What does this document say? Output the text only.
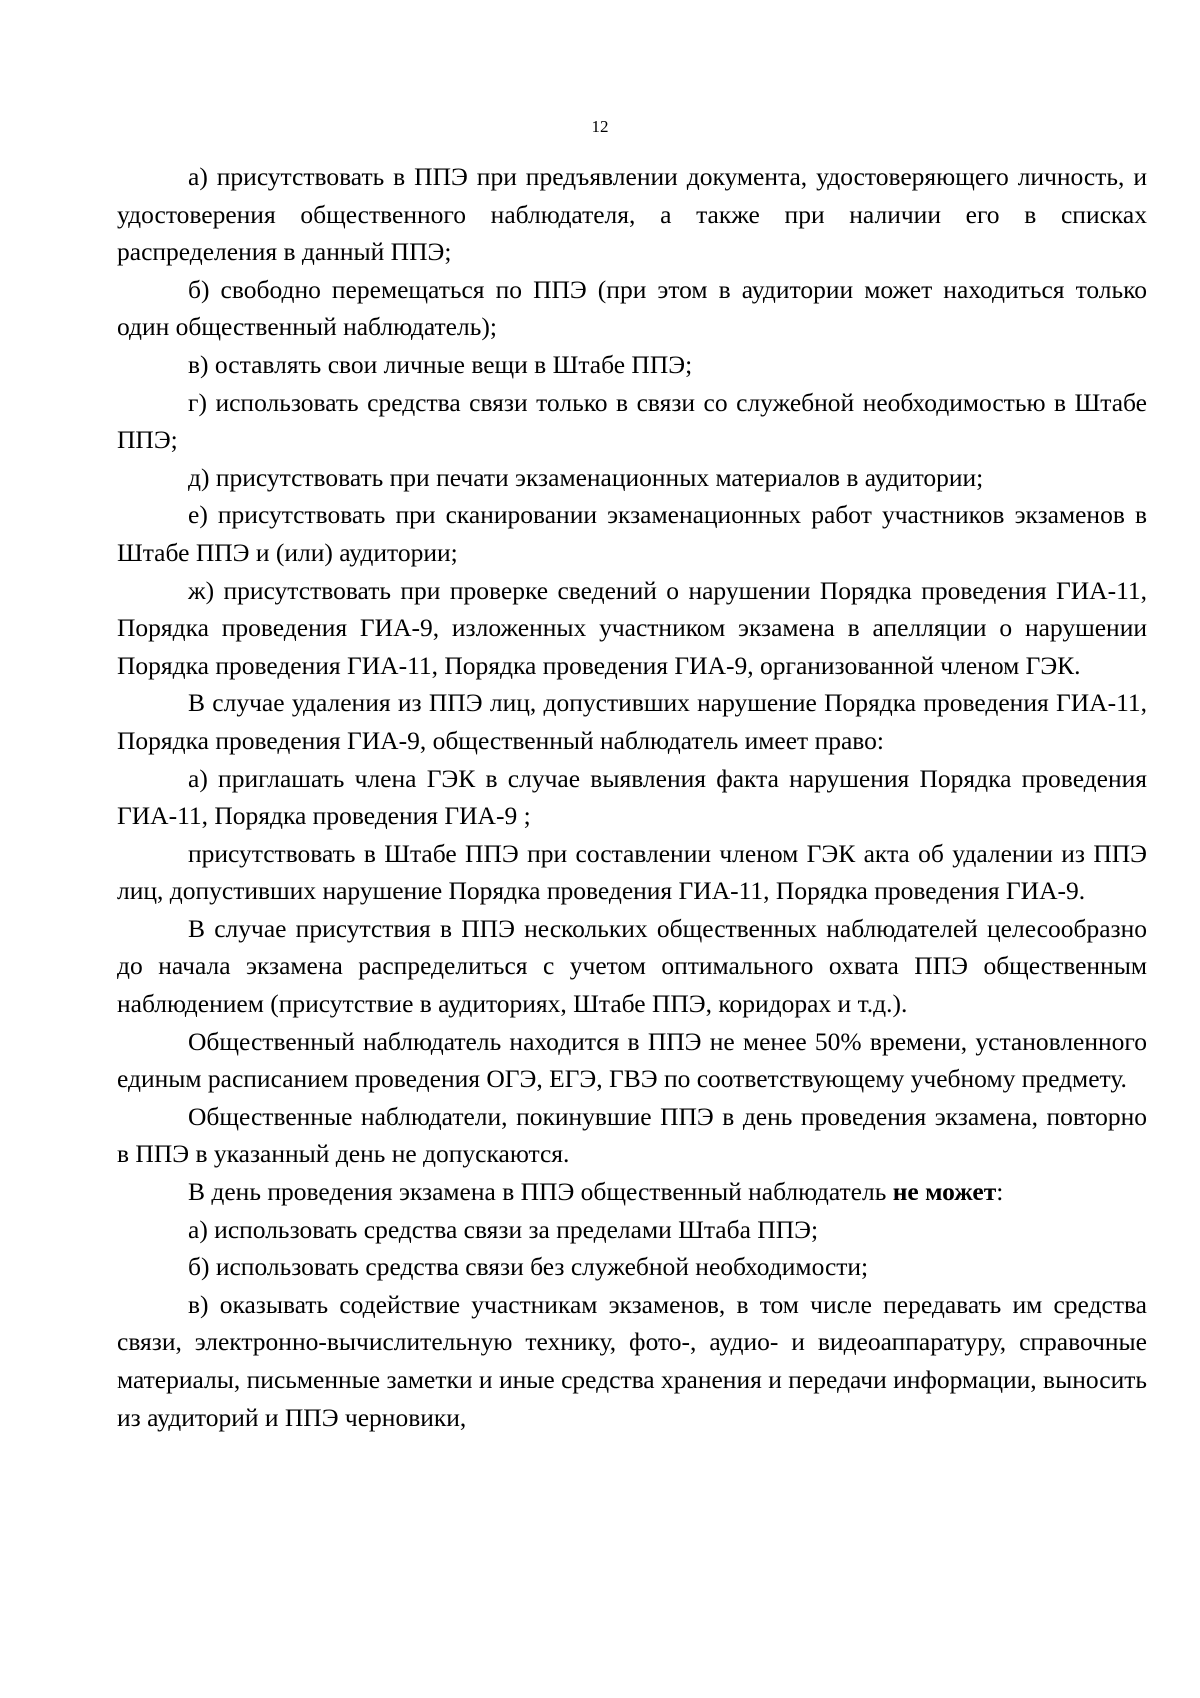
12

а) присутствовать в ППЭ при предъявлении документа, удостоверяющего личность, и удостоверения общественного наблюдателя, а также при наличии его в списках распределения в данный ППЭ;

б) свободно перемещаться по ППЭ (при этом в аудитории может находиться только один общественный наблюдатель);

в) оставлять свои личные вещи в Штабе ППЭ;

г) использовать средства связи только в связи со служебной необходимостью в Штабе ППЭ;

д) присутствовать при печати экзаменационных материалов в аудитории;

е) присутствовать при сканировании экзаменационных работ участников экзаменов в Штабе ППЭ и (или) аудитории;

ж) присутствовать при проверке сведений о нарушении Порядка проведения ГИА-11, Порядка проведения ГИА-9, изложенных участником экзамена в апелляции о нарушении Порядка проведения ГИА-11, Порядка проведения ГИА-9, организованной членом ГЭК.

В случае удаления из ППЭ лиц, допустивших нарушение Порядка проведения ГИА-11, Порядка проведения ГИА-9, общественный наблюдатель имеет право:

а) приглашать члена ГЭК в случае выявления факта нарушения Порядка проведения ГИА-11, Порядка проведения ГИА-9 ;

присутствовать в Штабе ППЭ при составлении членом ГЭК акта об удалении из ППЭ лиц, допустивших нарушение Порядка проведения ГИА-11, Порядка проведения ГИА-9.

В случае присутствия в ППЭ нескольких общественных наблюдателей целесообразно до начала экзамена распределиться с учетом оптимального охвата ППЭ общественным наблюдением (присутствие в аудиториях, Штабе ППЭ, коридорах и т.д.).

Общественный наблюдатель находится в ППЭ не менее 50% времени, установленного единым расписанием проведения ОГЭ, ЕГЭ, ГВЭ по соответствующему учебному предмету.

Общественные наблюдатели, покинувшие ППЭ в день проведения экзамена, повторно в ППЭ в указанный день не допускаются.

В день проведения экзамена в ППЭ общественный наблюдатель не может:

а) использовать средства связи за пределами Штаба ППЭ;

б) использовать средства связи без служебной необходимости;

в) оказывать содействие участникам экзаменов, в том числе передавать им средства связи, электронно-вычислительную технику, фото-, аудио- и видеоаппаратуру, справочные материалы, письменные заметки и иные средства хранения и передачи информации, выносить из аудиторий и ППЭ черновики,
